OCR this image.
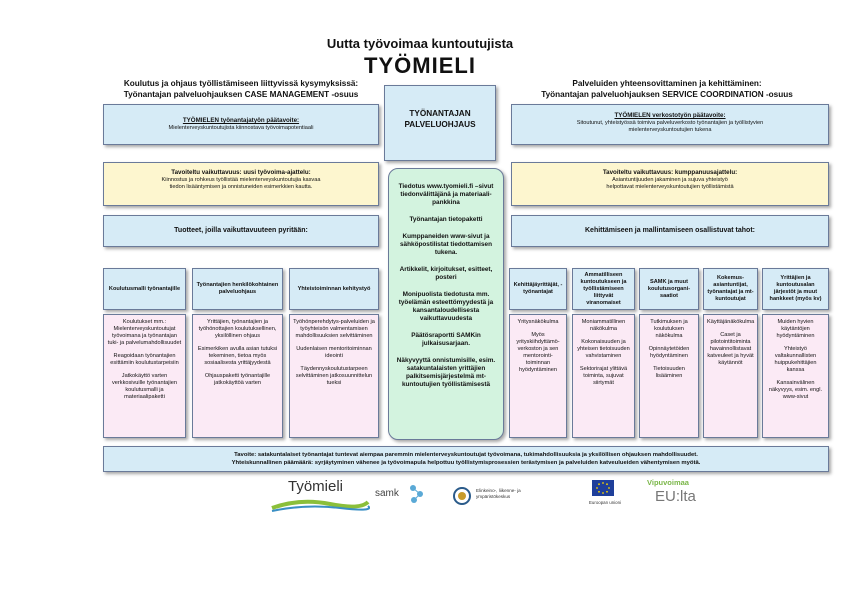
Uutta työvoimaa kuntoutujista
TYÖMIELI
Koulutus ja ohjaus työllistämiseen liittyvissä kysymyksissä:
Työnantajan palveluohjauksen CASE MANAGEMENT -osuus
Palveluiden yhteensovittaminen ja kehittäminen:
Työnantajan palveluohjauksen SERVICE COORDINATION -osuus
TYÖMIELEN työnantajatyön päätavoite:
Mielenterveyskuntoutujista kiinnostava työvoimapotentiaali
TYÖNANTAJAN
PALVELUOHJAUS
TYÖMIELEN verkostotyön päätavoite:
Sitoutunut, yhteistyössä toimiva palveluverkosto työnantajien ja työllistyvien
mielenterveyskuntoutujien tukena
Tavoiteltu vaikuttavuus: uusi työvoima-ajattelu:
Kiinnostus ja rohkeus työllistää mielenterveyskuntoutujia kasvaa
tiedon lisääntymisen ja onnistuneiden esimerkkien kautta.
Tavoiteltu vaikuttavuus: kumppanuusajattelu:
Asiantuntijuuden jakaminen ja sujuva yhteistyö
helpottavat mielenterveyskuntoutujien työllistämistä
Tuotteet, joilla vaikuttavuuteen pyritään:	Kehittämiseen ja mallintamiseen osallistuvat tahot:

Tiedotus www.tyomieli.fi –sivut tiedonvälittäjänä ja materiaali-pankkina

Työnantajan tietopaketti

Kumppaneiden www-sivut ja sähköpostilistat tiedottamisen tukena.

Artikkelit, kirjoitukset, esitteet, posteri

Monipuolista tiedotusta mm. työelämän esteettömyydestä ja kansantaloudellisesta vaikuttavuudesta

Päätösraportti SAMKin julkaisusarjaan.

Näkyvyyttä onnistumisille, esim. satakuntalaisten yrittäjien palkitsemisjärjestelmä mt-kuntoutujien työllistämisestä

Koulutusmalli työnantajille

Koulutukset mm.: Mielenterveyskuntoutujat työvoimana ja työnantajan tuki- ja palvelumahdollisuudet

Reagoidaan työnantajien esittämiin koulutustarpeisiin

Jatkokäyttö varten verkkosivuille työnantajien koulutusmalli ja materiaalipaketti

Työnantajien henkilökohtainen palveluohjaus

Yrittäjien, työnantajien ja työhönottajien koulutuksellinen, yksilöllinen ohjaus

Esimerkiken avulla asian tutuksi tekeminen, tietoa myös sosiaalisesta yrittäjyydestä

Ohjauspaketti työnantajille jatkokäyttöä varten

Yhteistoiminnan kehitystyö

Työhönperehdytys-palveluiden ja työyhteisön valmentamisen mahdollisuuksien selvittäminen

Uudenlaisen mentoritoiminnan ideointi

Täydennyskoulutustarpeen selvittäminen jatkosuunnittelun tueksi

Kehittäjäyrittäjät, -työnantajat

Yritysnäkökulma

Myös yrityskiihdyttämö-verkoston ja sen mentorointi-toiminnan hyödyntäminen

Ammatilliseen kuntoutukseen ja työllistämiseen liittyvät viranomaiset

Moniammatillinen näkökulma

Kokonaisuuden ja yhteisen tietoisuuden vahvistaminen

Sektorirajat ylittävä toiminta, sujuvat siirtymät

SAMK ja muut koulutusorgani-saatiot

Tutkimuksen ja koulutuksen näkökulma

Opinnäytetöiden hyödyntäminen

Tietoisuuden lisääminen

Kokemus-asiantuntijat, työnantajat ja mt-kuntoutujat

Käyttäjänäkökulma

Caset ja pilotointitoiminta havainnollistavat katveuleet ja hyvät käytännöt

Yrittäjien ja kuntoutusalan järjestöt ja muut hankkeet (myös kv)

Muiden hyvien käytäntöjen hyödyntäminen

Yhteistyö valtakunnallisten huippukehittäjien kanssa

Kansainvälinen näkyvyys, esim. engl. www-sivut

Tavoite: satakuntalaiset työnantajat tuntevat aiempaa paremmin mielenterveyskuntoutujat työvoimana, tukimahdollisuuksia ja yksilöllisen ohjauksen mahdollisuudet.
Yhteiskunnallinen päämäärä: syrjäytyminen vähenee ja työvoimapula helpottuu työllistymisprosessien terästymisen ja palveluiden katveulueiden vähentymisen myötä.
Työmieli	samk	Elinkeino-, liikenne- ja ympäristökeskus
Euroopan unioni
Vipuvoimaa
EU:lta
